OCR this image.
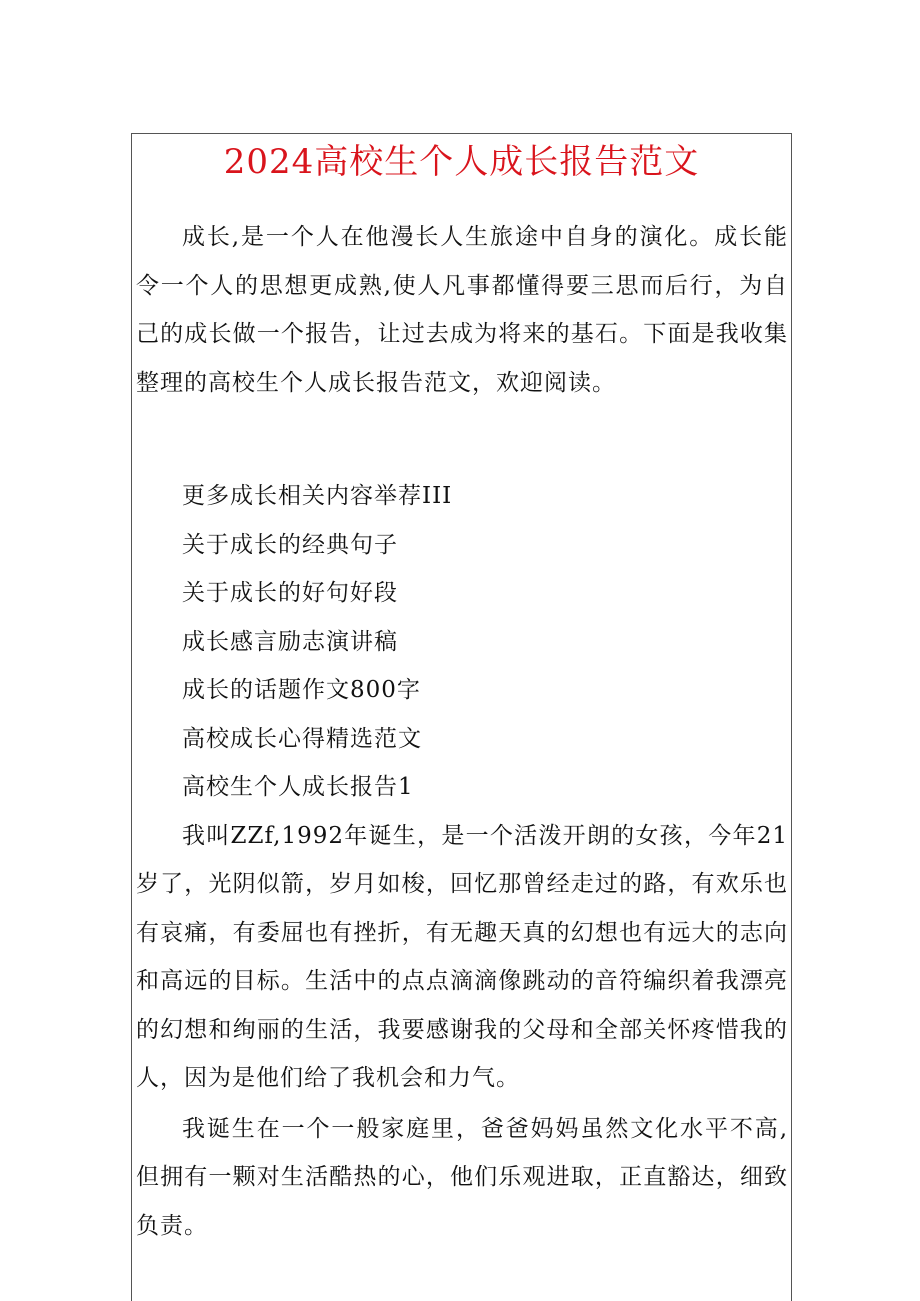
2024高校生个人成长报告范文

成长,是一个人在他漫长人生旅途中自身的演化。成长能令一个人的思想更成熟,使人凡事都懂得要三思而后行，为自己的成长做一个报告，让过去成为将来的基石。下面是我收集整理的高校生个人成长报告范文，欢迎阅读。

更多成长相关内容举荐III
关于成长的经典句子
关于成长的好句好段
成长感言励志演讲稿
成长的话题作文800字
高校成长心得精选范文
高校生个人成长报告1

我叫ZZf,1992年诞生，是一个活泼开朗的女孩，今年21岁了，光阴似箭，岁月如梭，回忆那曾经走过的路，有欢乐也有哀痛，有委屈也有挫折，有无趣天真的幻想也有远大的志向和高远的目标。生活中的点点滴滴像跳动的音符编织着我漂亮的幻想和绚丽的生活，我要感谢我的父母和全部关怀疼惜我的人，因为是他们给了我机会和力气。

我诞生在一个一般家庭里，爸爸妈妈虽然文化水平不高,但拥有一颗对生活酷热的心，他们乐观进取，正直豁达，细致负责。
